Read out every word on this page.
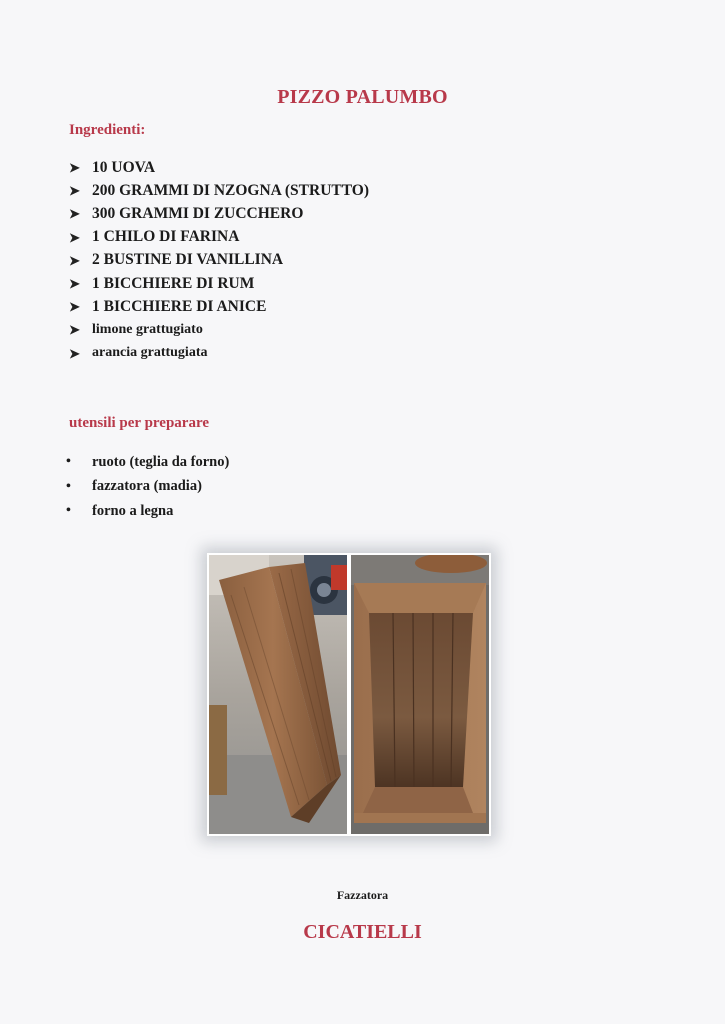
PIZZO PALUMBO
Ingredienti:
➤ 10 UOVA
➤ 200 GRAMMI DI NZOGNA (STRUTTO)
➤ 300 GRAMMI DI ZUCCHERO
➤ 1 CHILO DI FARINA
➤ 2 BUSTINE DI VANILLINA
➤ 1 BICCHIERE DI RUM
➤ 1 BICCHIERE DI ANICE
➤ limone grattugiato
➤ arancia grattugiata
utensili per preparare
•	ruoto (teglia da forno)
•	fazzatora (madia)
•	forno a legna
Fazzatora
CICATIELLI
